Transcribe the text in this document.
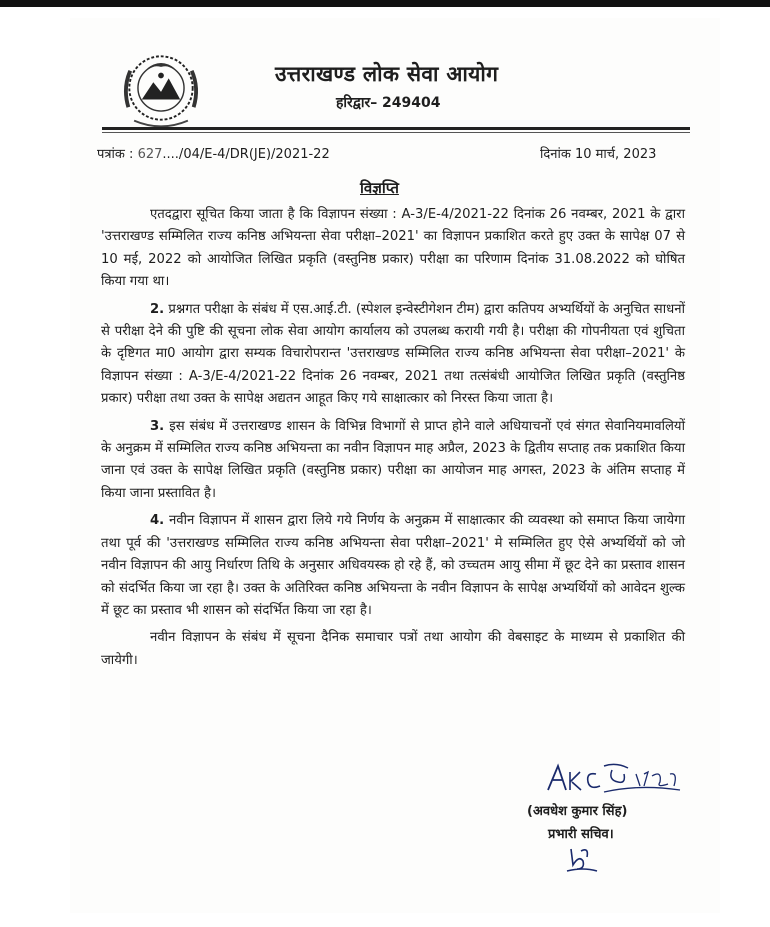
उत्तराखण्ड लोक सेवा आयोग
हरिद्वार– 249404
पत्रांक : 627..../04/E-4/DR(JE)/2021-22	दिनांक 10 मार्च, 2023
विज्ञप्ति

एतदद्वारा सूचित किया जाता है कि विज्ञापन संख्या : A-3/E-4/2021-22 दिनांक 26 नवम्बर, 2021 के द्वारा 'उत्तराखण्ड सम्मिलित राज्य कनिष्ठ अभियन्ता सेवा परीक्षा–2021' का विज्ञापन प्रकाशित करते हुए उक्त के सापेक्ष 07 से 10 मई, 2022 को आयोजित लिखित प्रकृति (वस्तुनिष्ठ प्रकार) परीक्षा का परिणाम दिनांक 31.08.2022 को घोषित किया गया था।

2. प्रश्नगत परीक्षा के संबंध में एस.आई.टी. (स्पेशल इन्वेस्टीगेशन टीम) द्वारा कतिपय अभ्यर्थियों के अनुचित साधनों से परीक्षा देने की पुष्टि की सूचना लोक सेवा आयोग कार्यालय को उपलब्ध करायी गयी है। परीक्षा की गोपनीयता एवं शुचिता के दृष्टिगत मा0 आयोग द्वारा सम्यक विचारोपरान्त 'उत्तराखण्ड सम्मिलित राज्य कनिष्ठ अभियन्ता सेवा परीक्षा–2021' के विज्ञापन संख्या : A-3/E-4/2021-22 दिनांक 26 नवम्बर, 2021 तथा तत्संबंधी आयोजित लिखित प्रकृति (वस्तुनिष्ठ प्रकार) परीक्षा तथा उक्त के सापेक्ष अद्यतन आहूत किए गये साक्षात्कार को निरस्त किया जाता है।

3. इस संबंध में उत्तराखण्ड शासन के विभिन्न विभागों से प्राप्त होने वाले अधियाचनों एवं संगत सेवानियमावलियों के अनुक्रम में सम्मिलित राज्य कनिष्ठ अभियन्ता का नवीन विज्ञापन माह अप्रैल, 2023 के द्वितीय सप्ताह तक प्रकाशित किया जाना एवं उक्त के सापेक्ष लिखित प्रकृति (वस्तुनिष्ठ प्रकार) परीक्षा का आयोजन माह अगस्त, 2023 के अंतिम सप्ताह में किया जाना प्रस्तावित है।

4. नवीन विज्ञापन में शासन द्वारा लिये गये निर्णय के अनुक्रम में साक्षात्कार की व्यवस्था को समाप्त किया जायेगा तथा पूर्व की 'उत्तराखण्ड सम्मिलित राज्य कनिष्ठ अभियन्ता सेवा परीक्षा–2021' मे सम्मिलित हुए ऐसे अभ्यर्थियों को जो नवीन विज्ञापन की आयु निर्धारण तिथि के अनुसार अधिवयस्क हो रहे हैं, को उच्चतम आयु सीमा में छूट देने का प्रस्ताव शासन को संदर्भित किया जा रहा है। उक्त के अतिरिक्त कनिष्ठ अभियन्ता के नवीन विज्ञापन के सापेक्ष अभ्यर्थियों को आवेदन शुल्क में छूट का प्रस्ताव भी शासन को संदर्भित किया जा रहा है।

नवीन विज्ञापन के संबंध में सूचना दैनिक समाचार पत्रों तथा आयोग की वेबसाइट के माध्यम से प्रकाशित की जायेगी।

(अवधेश कुमार सिंह)
प्रभारी सचिव।
